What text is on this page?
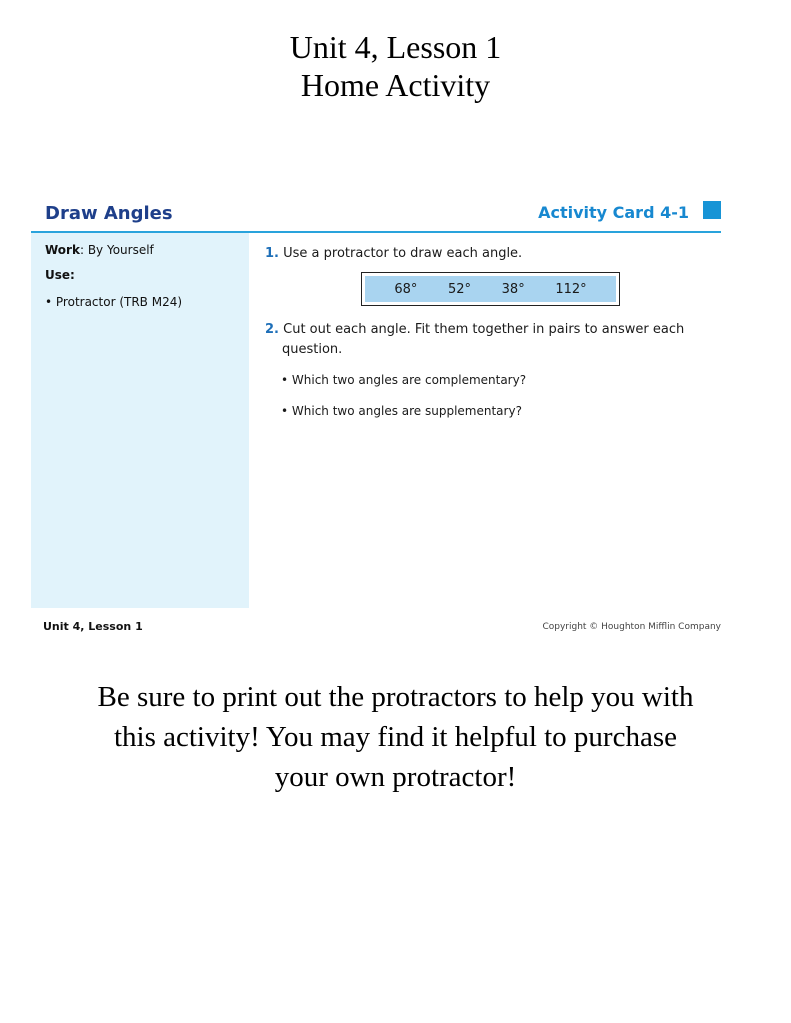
Unit 4, Lesson 1
Home Activity
Draw Angles	Activity Card 4-1
Work: By Yourself
Use:
• Protractor (TRB M24)
1. Use a protractor to draw each angle.
68° 52° 38° 112°
2. Cut out each angle. Fit them together in pairs to answer each
question.
• Which two angles are complementary?
• Which two angles are supplementary?
Unit 4, Lesson 1	Copyright © Houghton Mifflin Company
Be sure to print out the protractors to help you with
this activity! You may find it helpful to purchase
your own protractor!
